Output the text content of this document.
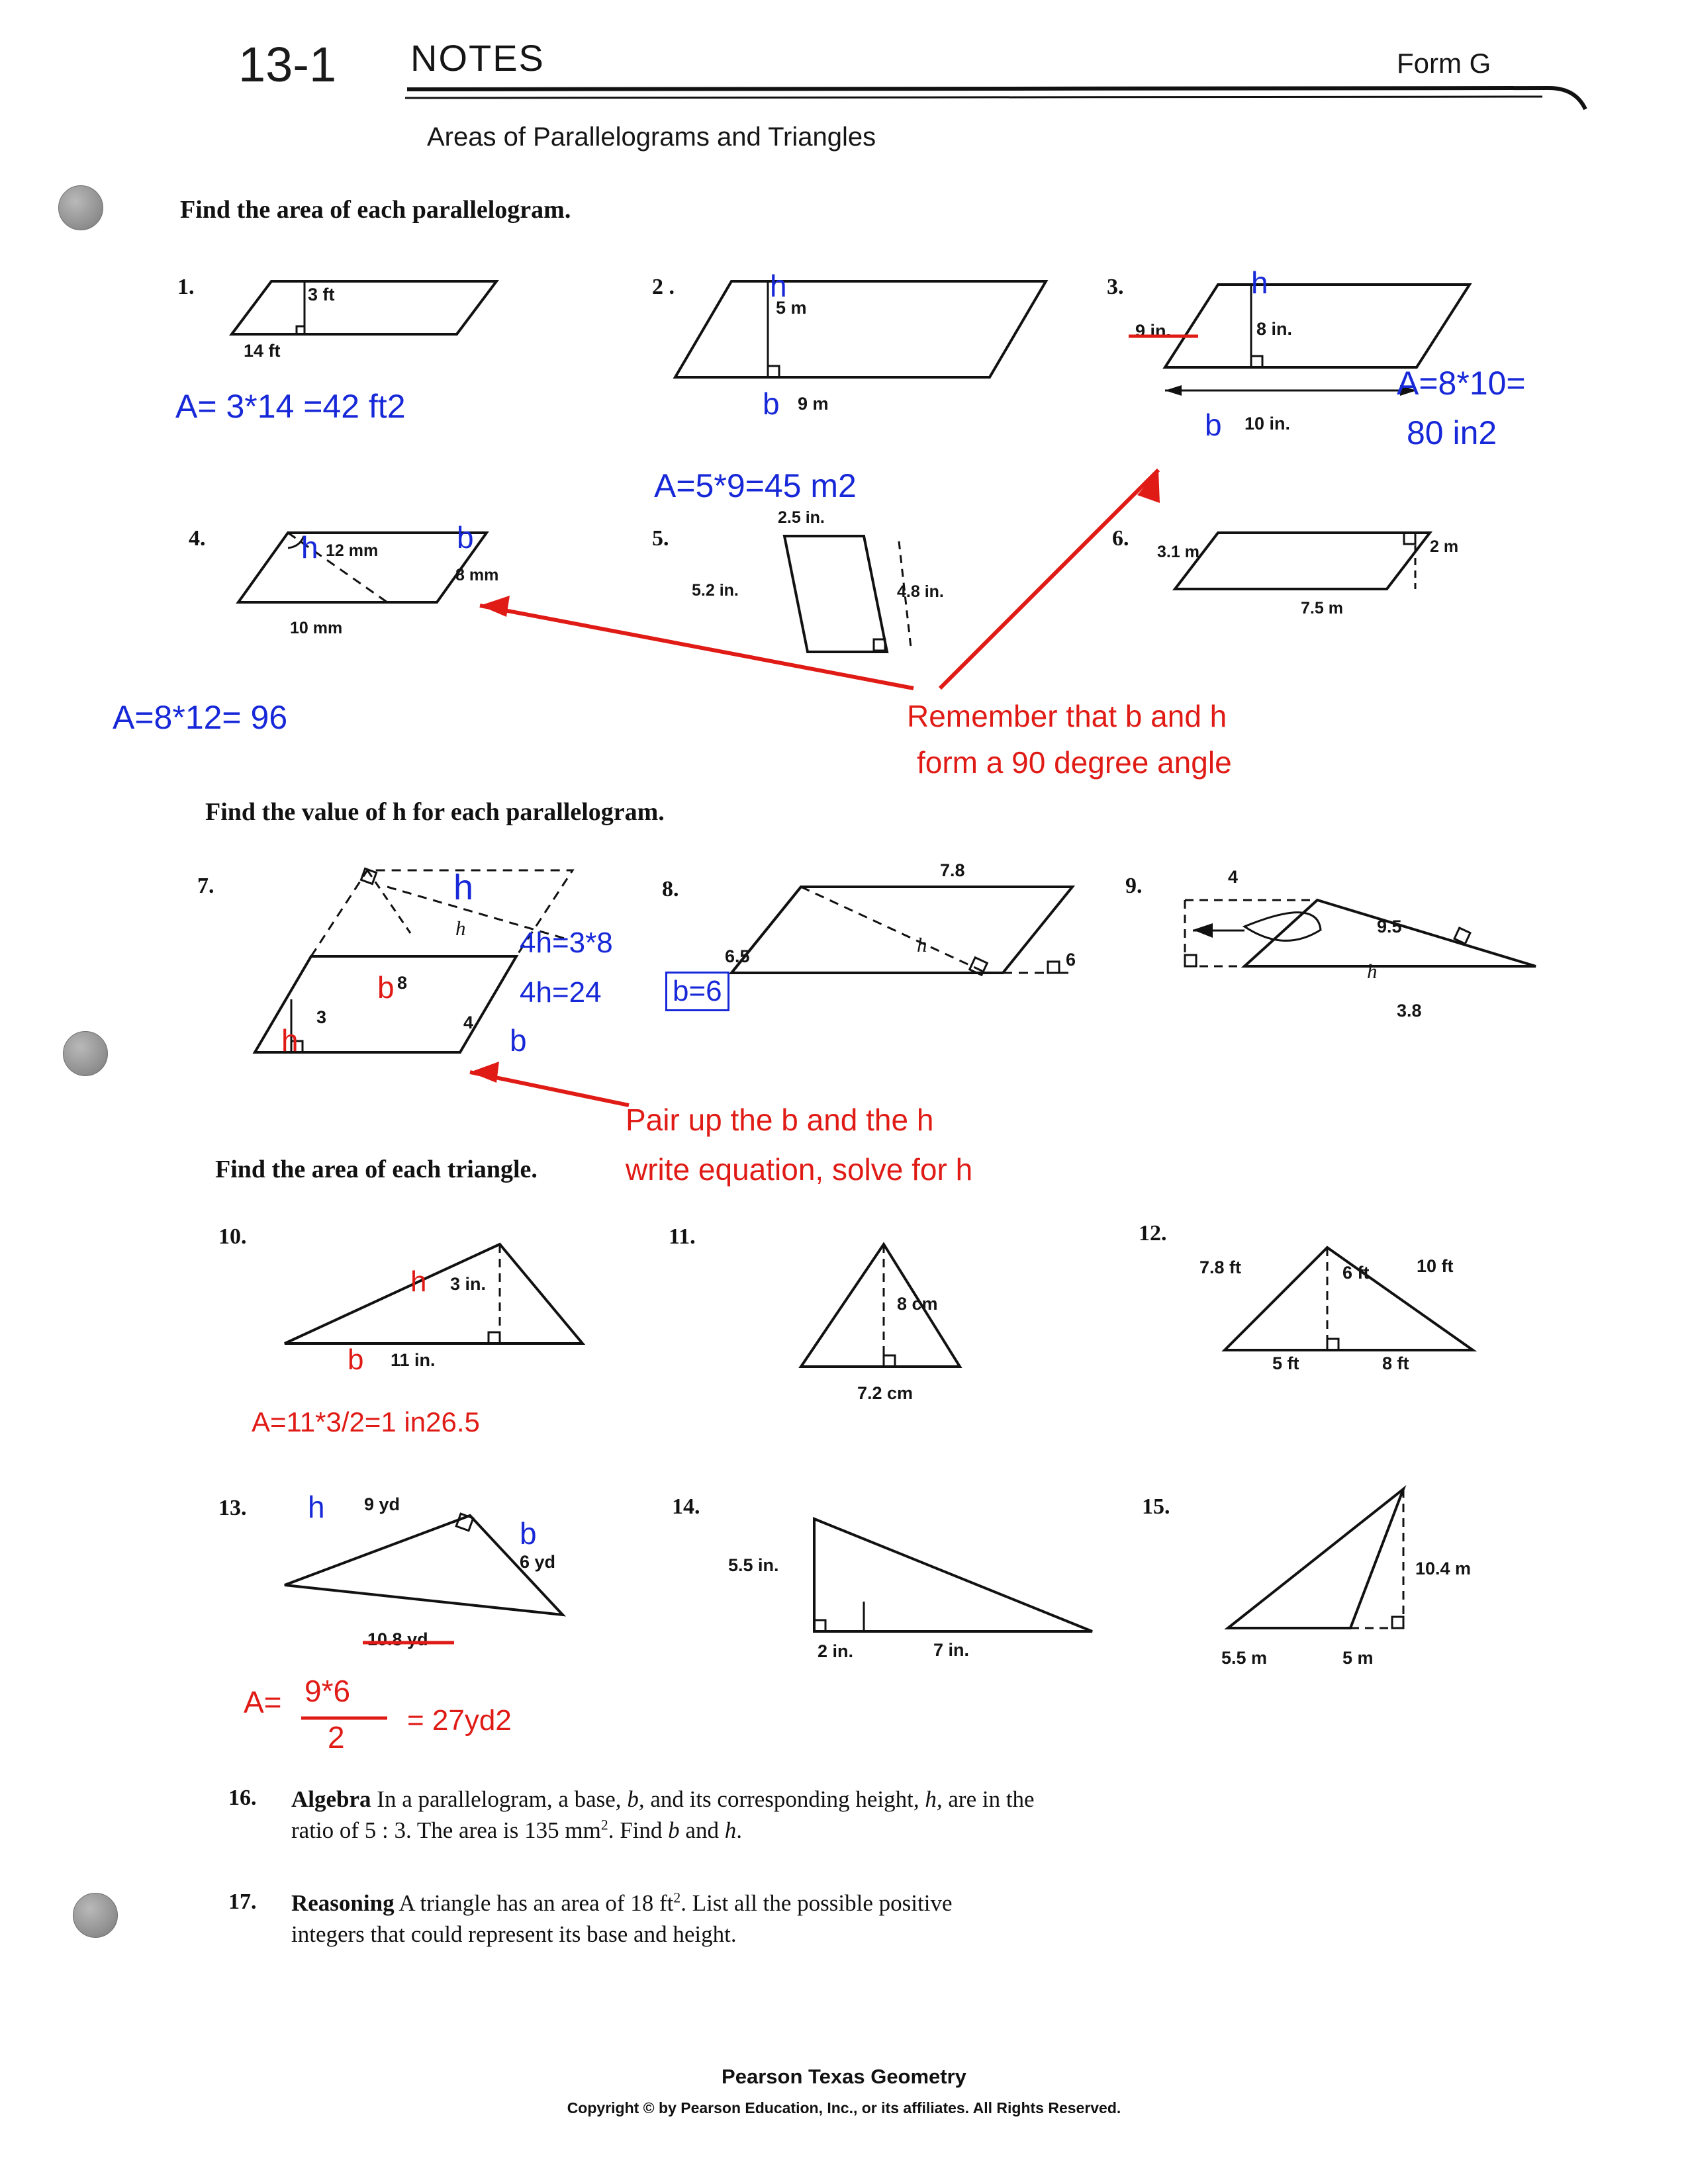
13-1 NOTES	Form G
Areas of Parallelograms and Triangles
Find the area of each parallelogram.
1.	3 ft
14 ft
A= 3*14 =42 ft2
2 .
5 m
9 m
h
b
A=5*9=45 m2
3.
9 in.	8 in.
10 in.
h
b
A=8*10=
80 in2
4.	12 mm
8 mm
10 mm
h	b
A=8*12= 96
5.
2.5 in.
5.2 in.	4.8 in.
6.
3.1 m	2 m
7.5 m
Remember that b and h
form a 90 degree angle
Find the value of h for each parallelogram.
7.
h
3
8
4
h
b
h	b
4h=3*8
4h=24 b=6
8.
7.8
6.5	h
6
9.	4
9.5
h
3.8
Pair up the b and the h
write equation, solve for h
Find the area of each triangle.
10.
3 in.
11 in.
h
b
A=11*3/2=1 in26.5
11.
8 cm
7.2 cm
12.
7.8 ft	6 ft	10 ft
5 ft	8 ft
13.	9 yd
6 yd
10.8 yd
h
b
A= 9*6
2 = 27yd2
14.
5.5 in.
2 in.	7 in.
15.
10.4 m
5.5 m	5 m
16. Algebra In a parallelogram, a base, b, and its corresponding height, h, are in the
ratio of 5 : 3. The area is 135 $mm^2$. Find b and h.
17. Reasoning A triangle has an area of 18 $ft^2$. List all the possible positive
integers that could represent its base and height.
Pearson Texas Geometry
Copyright © by Pearson Education, Inc., or its affiliates. All Rights Reserved.
